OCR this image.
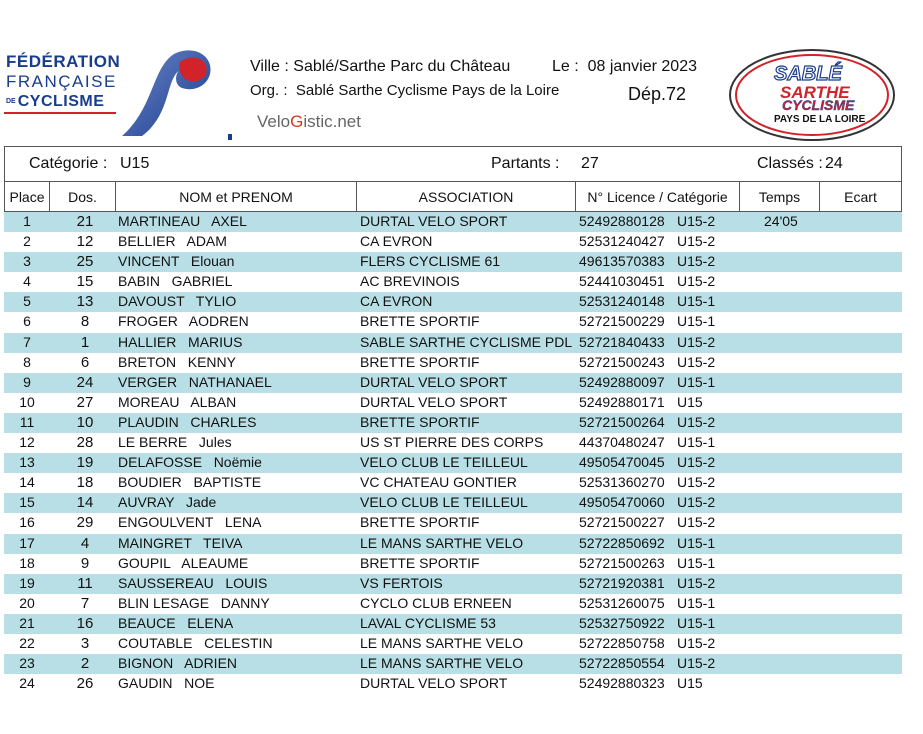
FÉDÉRATION
FRANÇAISE
DE CYCLISME
Ville : Sablé/Sarthe Parc du Château	Le : 08 janvier 2023
Org. : Sablé Sarthe Cyclisme Pays de la Loire	Dép.72
VeloGistic.net
SABLÉ
SARTHE
CYCLISME
PAYS DE LA LOIRE
Catégorie : U15	Partants : 27	Classés : 24
Place	Dos.	NOM et PRENOM	ASSOCIATION	N° Licence / Catégorie	Temps	Ecart
1	21	MARTINEAU   AXEL	DURTAL VELO SPORT	52492880128 U15-2	24'05
2	12	BELLIER   ADAM	CA EVRON	52531240427 U15-2
3	25	VINCENT   Elouan	FLERS CYCLISME 61	49613570383 U15-2
4	15	BABIN   GABRIEL	AC BREVINOIS	52441030451 U15-2
5	13	DAVOUST   TYLIO	CA EVRON	52531240148 U15-1
6	8	FROGER   AODREN	BRETTE SPORTIF	52721500229 U15-1
7	1	HALLIER   MARIUS	SABLE SARTHE CYCLISME PDL 52721840433 U15-2
8	6	BRETON   KENNY	BRETTE SPORTIF	52721500243 U15-2
9	24	VERGER   NATHANAEL	DURTAL VELO SPORT	52492880097 U15-1
10	27	MOREAU   ALBAN	DURTAL VELO SPORT	52492880171 U15
11	10	PLAUDIN   CHARLES	BRETTE SPORTIF	52721500264 U15-2
12	28	LE BERRE   Jules	US ST PIERRE DES CORPS	44370480247 U15-1
13	19	DELAFOSSE   Noëmie	VELO CLUB LE TEILLEUL	49505470045 U15-2
14	18	BOUDIER   BAPTISTE	VC CHATEAU GONTIER	52531360270 U15-2
15	14	AUVRAY   Jade	VELO CLUB LE TEILLEUL	49505470060 U15-2
16	29	ENGOULVENT   LENA	BRETTE SPORTIF	52721500227 U15-2
17	4	MAINGRET   TEIVA	LE MANS SARTHE VELO	52722850692 U15-1
18	9	GOUPIL   ALEAUME	BRETTE SPORTIF	52721500263 U15-1
19	11	SAUSSEREAU   LOUIS	VS FERTOIS	52721920381 U15-2
20	7	BLIN LESAGE   DANNY	CYCLO CLUB ERNEEN	52531260075 U15-1
21	16	BEAUCE   ELENA	LAVAL CYCLISME 53	52532750922 U15-1
22	3	COUTABLE   CELESTIN	LE MANS SARTHE VELO	52722850758 U15-2
23	2	BIGNON   ADRIEN	LE MANS SARTHE VELO	52722850554 U15-2
24	26	GAUDIN   NOE	DURTAL VELO SPORT	52492880323 U15
